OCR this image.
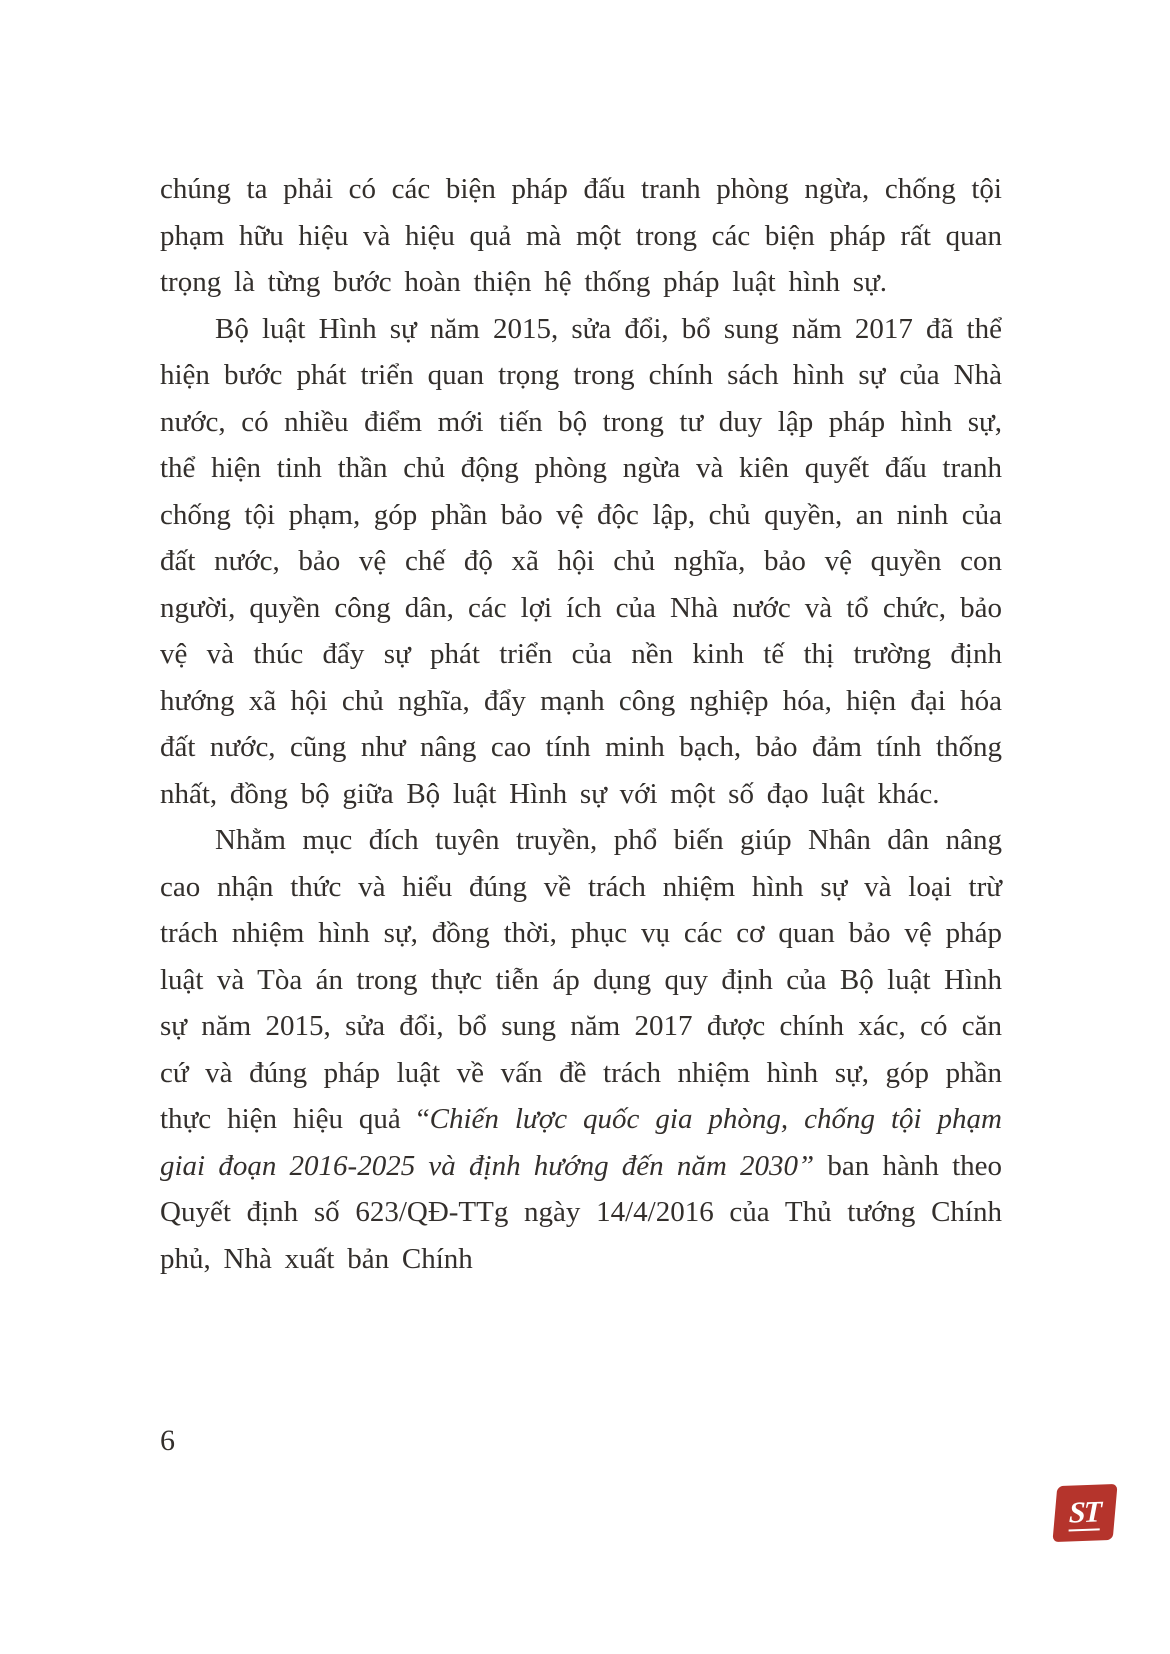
chúng ta phải có các biện pháp đấu tranh phòng ngừa, chống tội phạm hữu hiệu và hiệu quả mà một trong các biện pháp rất quan trọng là từng bước hoàn thiện hệ thống pháp luật hình sự.

Bộ luật Hình sự năm 2015, sửa đổi, bổ sung năm 2017 đã thể hiện bước phát triển quan trọng trong chính sách hình sự của Nhà nước, có nhiều điểm mới tiến bộ trong tư duy lập pháp hình sự, thể hiện tinh thần chủ động phòng ngừa và kiên quyết đấu tranh chống tội phạm, góp phần bảo vệ độc lập, chủ quyền, an ninh của đất nước, bảo vệ chế độ xã hội chủ nghĩa, bảo vệ quyền con người, quyền công dân, các lợi ích của Nhà nước và tổ chức, bảo vệ và thúc đẩy sự phát triển của nền kinh tế thị trường định hướng xã hội chủ nghĩa, đẩy mạnh công nghiệp hóa, hiện đại hóa đất nước, cũng như nâng cao tính minh bạch, bảo đảm tính thống nhất, đồng bộ giữa Bộ luật Hình sự với một số đạo luật khác.

Nhằm mục đích tuyên truyền, phổ biến giúp Nhân dân nâng cao nhận thức và hiểu đúng về trách nhiệm hình sự và loại trừ trách nhiệm hình sự, đồng thời, phục vụ các cơ quan bảo vệ pháp luật và Tòa án trong thực tiễn áp dụng quy định của Bộ luật Hình sự năm 2015, sửa đổi, bổ sung năm 2017 được chính xác, có căn cứ và đúng pháp luật về vấn đề trách nhiệm hình sự, góp phần thực hiện hiệu quả “Chiến lược quốc gia phòng, chống tội phạm giai đoạn 2016-2025 và định hướng đến năm 2030” ban hành theo Quyết định số 623/QĐ-TTg ngày 14/4/2016 của Thủ tướng Chính phủ, Nhà xuất bản Chính

6
ST
